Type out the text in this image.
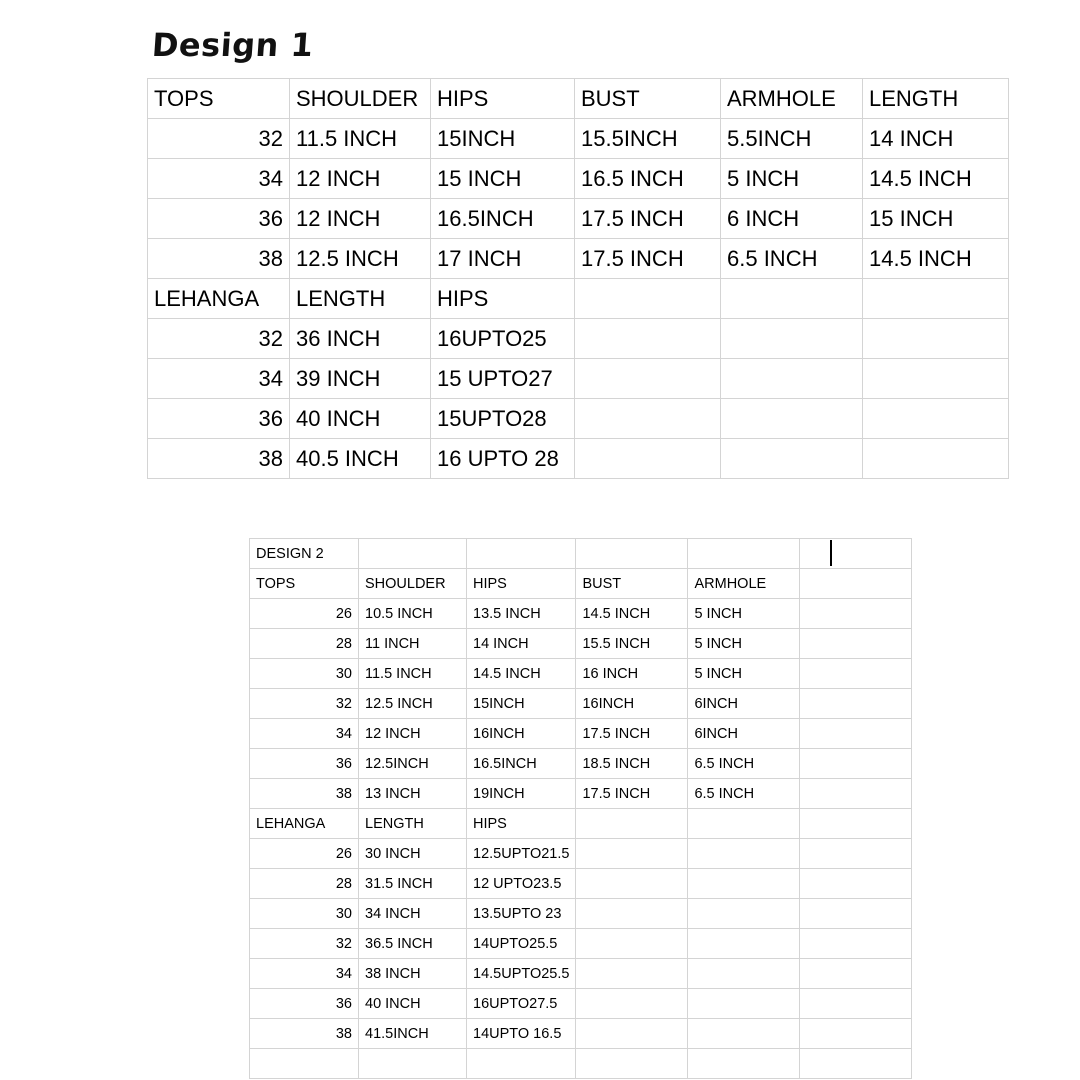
Design 1
TOPS	SHOULDER	HIPS	BUST	ARMHOLE	LENGTH
32	11.5 INCH	15INCH	15.5INCH	5.5INCH	14 INCH
34	12 INCH	15 INCH	16.5 INCH	5 INCH	14.5 INCH
36	12 INCH	16.5INCH	17.5 INCH	6 INCH	15 INCH
38	12.5 INCH	17 INCH	17.5 INCH	6.5 INCH	14.5 INCH
LEHANGA	LENGTH	HIPS			
32	36 INCH	16UPTO25			
34	39 INCH	15 UPTO27			
36	40 INCH	15UPTO28			
38	40.5 INCH	16 UPTO 28			
DESIGN 2					
TOPS	SHOULDER	HIPS	BUST	ARMHOLE	
26	10.5 INCH	13.5 INCH	14.5 INCH	5 INCH	
28	11 INCH	14 INCH	15.5 INCH	5 INCH	
30	11.5 INCH	14.5 INCH	16 INCH	5 INCH	
32	12.5 INCH	15INCH	16INCH	6INCH	
34	12 INCH	16INCH	17.5 INCH	6INCH	
36	12.5INCH	16.5INCH	18.5 INCH	6.5 INCH	
38	13 INCH	19INCH	17.5 INCH	6.5 INCH	
LEHANGA	LENGTH	HIPS			
26	30 INCH	12.5UPTO21.5			
28	31.5 INCH	12 UPTO23.5			
30	34 INCH	13.5UPTO 23			
32	36.5 INCH	14UPTO25.5			
34	38 INCH	14.5UPTO25.5			
36	40 INCH	16UPTO27.5			
38	41.5INCH	14UPTO 16.5			
